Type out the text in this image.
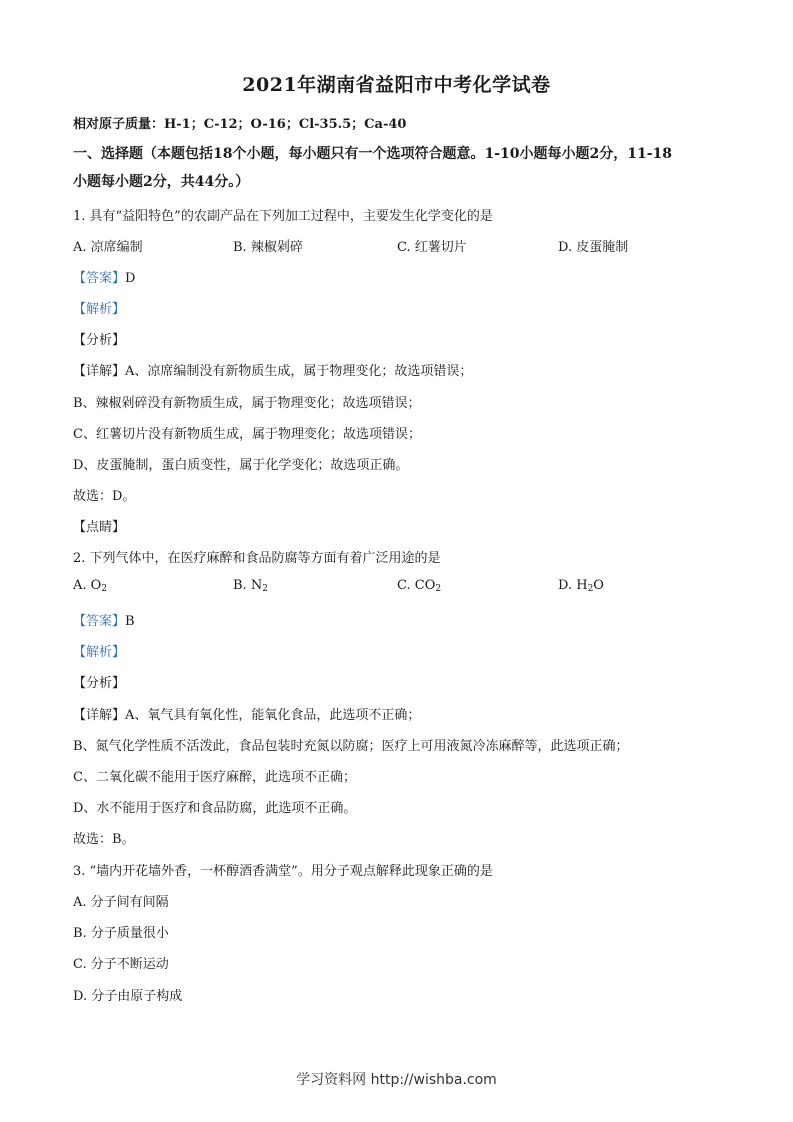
2021年湖南省益阳市中考化学试卷
相对原子质量：H-1；C-12；O-16；Cl-35.5；Ca-40
一、选择题（本题包括18个小题，每小题只有一个选项符合题意。1-10小题每小题2分，11-18
小题每小题2分，共44分。）
1. 具有“益阳特色”的农副产品在下列加工过程中，主要发生化学变化的是
A. 凉席编制	B. 辣椒剁碎	C. 红薯切片	D. 皮蛋腌制
【答案】D
【解析】
【分析】
【详解】A、凉席编制没有新物质生成，属于物理变化；故选项错误；
B、辣椒剁碎没有新物质生成，属于物理变化；故选项错误；
C、红薯切片没有新物质生成，属于物理变化；故选项错误；
D、皮蛋腌制，蛋白质变性，属于化学变化；故选项正确。
故选：D。
【点睛】
2. 下列气体中，在医疗麻醉和食品防腐等方面有着广泛用途的是
A. $O_2$	B. $N_2$	C. $CO_2$	D. $H_2O$
【答案】B
【解析】
【分析】
【详解】A、氧气具有氧化性，能氧化食品，此选项不正确；
B、氮气化学性质不活泼此，食品包装时充氮以防腐；医疗上可用液氮冷冻麻醉等，此选项正确；
C、二氧化碳不能用于医疗麻醉，此选项不正确；
D、水不能用于医疗和食品防腐，此选项不正确。
故选：B。
3. “墙内开花墙外香，一杯醇酒香满堂”。用分子观点解释此现象正确的是
A. 分子间有间隔
B. 分子质量很小
C. 分子不断运动
D. 分子由原子构成
学习资料网 http://wishba.com
